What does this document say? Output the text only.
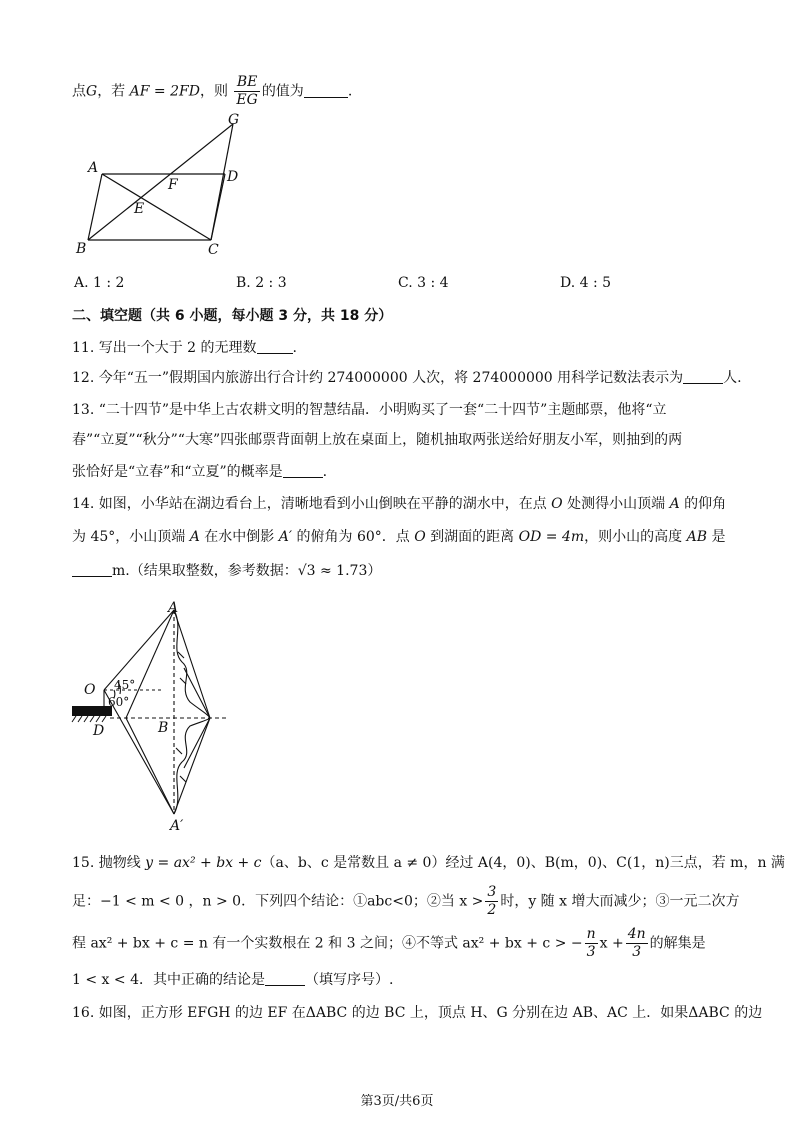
点G，若 AF = 2FD，则 $\frac{BE}{EG}$ 的值为	.
G
A
D
F
E
B	C
A. 1 : 2	B. 2 : 3	C. 3 : 4	D. 4 : 5
二、填空题（共 6 小题，每小题 3 分，共 18 分）
11. 写出一个大于 2 的无理数	.
12. 今年“五一”假期国内旅游出行合计约 274000000 人次，将 274000000 用科学记数法表示为	人.
13. “二十四节”是中华上古农耕文明的智慧结晶．小明购买了一套“二十四节”主题邮票，他将“立
春”“立夏”“秋分”“大寒”四张邮票背面朝上放在桌面上，随机抽取两张送给好朋友小军，则抽到的两
张恰好是“立春”和“立夏”的概率是	.
14. 如图，小华站在湖边看台上，清晰地看到小山倒映在平静的湖水中，在点 O 处测得小山顶端 A 的仰角
为 45°，小山顶端 A 在水中倒影 A′ 的俯角为 60°．点 O 到湖面的距离 OD = 4m，则小山的高度 AB 是
m.（结果取整数，参考数据：√3 ≈ 1.73）
A
O 45°
60°
D	B
A′
15. 抛物线 y = ax² + bx + c（a、b、c 是常数且 a ≠ 0）经过 A(4，0)、B(m，0)、C(1，n)三点，若 m，n 满
足：−1 < m < 0 ，n > 0．下列四个结论：①abc<0；②当 $x > \frac{3}{2}$ 时，y 随 x 增大而减少；③一元二次方
程 ax² + bx + c = n 有一个实数根在 2 和 3 之间；④不等式 ax² + bx + c > − $\frac{n}{3}$ $x + \frac{4n}{3}$ 的解集是
1 < x < 4．其中正确的结论是	（填写序号）.
16. 如图，正方形 EFGH 的边 EF 在ΔABC 的边 BC 上，顶点 H、G 分别在边 AB、AC 上．如果ΔABC 的边
第3页/共6页
